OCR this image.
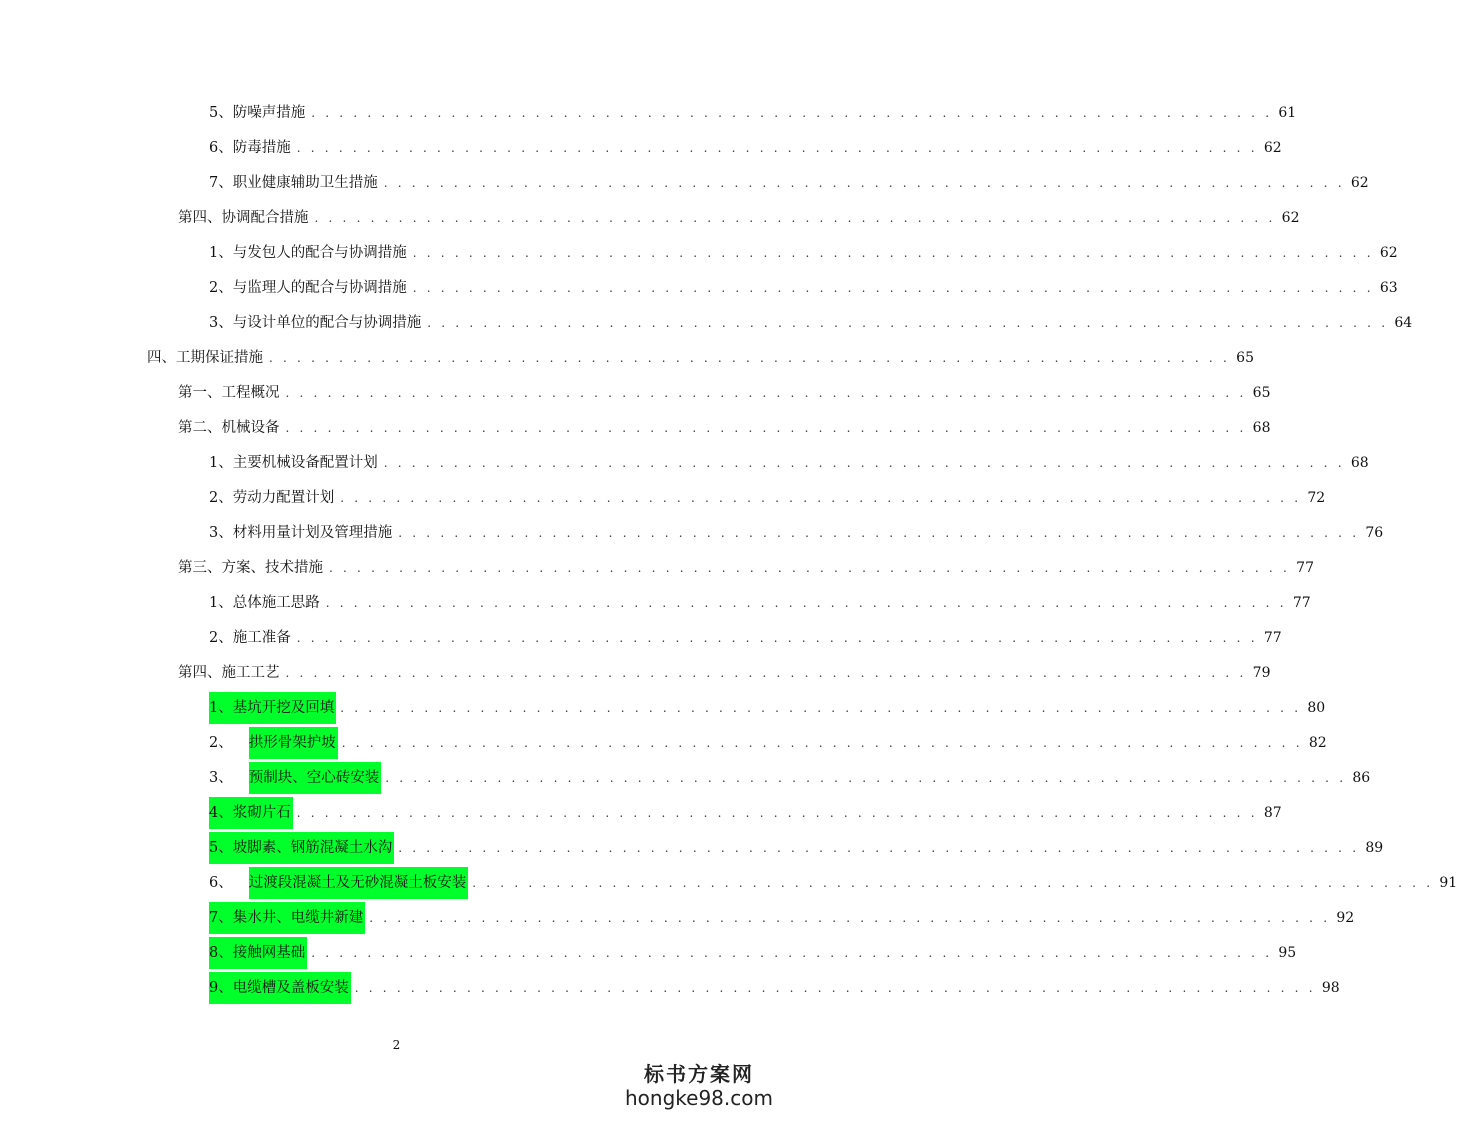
5、防噪声措施 . . . . . . . . . . . . . . . . . . . . . . . . . . . . . . . . . . . . . . . . . . . . . . . . . . . . . . . . . . . . . . . . . . . . . 61
6、防毒措施 . . . . . . . . . . . . . . . . . . . . . . . . . . . . . . . . . . . . . . . . . . . . . . . . . . . . . . . . . . . . . . . . . . . . . 62
7、职业健康辅助卫生措施 . . . . . . . . . . . . . . . . . . . . . . . . . . . . . . . . . . . . . . . . . . . . . . . . . . . . . . . . . . . . . . . . . . . . . 62
第四、协调配合措施 . . . . . . . . . . . . . . . . . . . . . . . . . . . . . . . . . . . . . . . . . . . . . . . . . . . . . . . . . . . . . . . . . . . . . 62
1、与发包人的配合与协调措施 . . . . . . . . . . . . . . . . . . . . . . . . . . . . . . . . . . . . . . . . . . . . . . . . . . . . . . . . . . . . . . . . . . . . . 62
2、与监理人的配合与协调措施 . . . . . . . . . . . . . . . . . . . . . . . . . . . . . . . . . . . . . . . . . . . . . . . . . . . . . . . . . . . . . . . . . . . . . 63
3、与设计单位的配合与协调措施 . . . . . . . . . . . . . . . . . . . . . . . . . . . . . . . . . . . . . . . . . . . . . . . . . . . . . . . . . . . . . . . . . . . . . 64
四、工期保证措施 . . . . . . . . . . . . . . . . . . . . . . . . . . . . . . . . . . . . . . . . . . . . . . . . . . . . . . . . . . . . . . . . . . . . . 65
第一、工程概况 . . . . . . . . . . . . . . . . . . . . . . . . . . . . . . . . . . . . . . . . . . . . . . . . . . . . . . . . . . . . . . . . . . . . . 65
第二、机械设备 . . . . . . . . . . . . . . . . . . . . . . . . . . . . . . . . . . . . . . . . . . . . . . . . . . . . . . . . . . . . . . . . . . . . . 68
1、主要机械设备配置计划 . . . . . . . . . . . . . . . . . . . . . . . . . . . . . . . . . . . . . . . . . . . . . . . . . . . . . . . . . . . . . . . . . . . . . 68
2、劳动力配置计划 . . . . . . . . . . . . . . . . . . . . . . . . . . . . . . . . . . . . . . . . . . . . . . . . . . . . . . . . . . . . . . . . . . . . . 72
3、材料用量计划及管理措施 . . . . . . . . . . . . . . . . . . . . . . . . . . . . . . . . . . . . . . . . . . . . . . . . . . . . . . . . . . . . . . . . . . . . . 76
第三、方案、技术措施 . . . . . . . . . . . . . . . . . . . . . . . . . . . . . . . . . . . . . . . . . . . . . . . . . . . . . . . . . . . . . . . . . . . . . 77
1、总体施工思路 . . . . . . . . . . . . . . . . . . . . . . . . . . . . . . . . . . . . . . . . . . . . . . . . . . . . . . . . . . . . . . . . . . . . . 77
2、施工准备 . . . . . . . . . . . . . . . . . . . . . . . . . . . . . . . . . . . . . . . . . . . . . . . . . . . . . . . . . . . . . . . . . . . . . 77
第四、施工工艺 . . . . . . . . . . . . . . . . . . . . . . . . . . . . . . . . . . . . . . . . . . . . . . . . . . . . . . . . . . . . . . . . . . . . . 79
1、基坑开挖及回填 . . . . . . . . . . . . . . . . . . . . . . . . . . . . . . . . . . . . . . . . . . . . . . . . . . . . . . . . . . . . . . . . . . . . . 80
2、 拱形骨架护坡 . . . . . . . . . . . . . . . . . . . . . . . . . . . . . . . . . . . . . . . . . . . . . . . . . . . . . . . . . . . . . . . . . . . . . 82
3、 预制块、空心砖安装 . . . . . . . . . . . . . . . . . . . . . . . . . . . . . . . . . . . . . . . . . . . . . . . . . . . . . . . . . . . . . . . . . . . . . 86
4、浆砌片石 . . . . . . . . . . . . . . . . . . . . . . . . . . . . . . . . . . . . . . . . . . . . . . . . . . . . . . . . . . . . . . . . . . . . . 87
5、坡脚素、钢筋混凝土水沟 . . . . . . . . . . . . . . . . . . . . . . . . . . . . . . . . . . . . . . . . . . . . . . . . . . . . . . . . . . . . . . . . . . . . . 89
6、 过渡段混凝土及无砂混凝土板安装 . . . . . . . . . . . . . . . . . . . . . . . . . . . . . . . . . . . . . . . . . . . . . . . . . . . . . . . . . . . . . . . . . . . . . 91
7、集水井、电缆井新建 . . . . . . . . . . . . . . . . . . . . . . . . . . . . . . . . . . . . . . . . . . . . . . . . . . . . . . . . . . . . . . . . . . . . . 92
8、接触网基础 . . . . . . . . . . . . . . . . . . . . . . . . . . . . . . . . . . . . . . . . . . . . . . . . . . . . . . . . . . . . . . . . . . . . . 95
9、电缆槽及盖板安装 . . . . . . . . . . . . . . . . . . . . . . . . . . . . . . . . . . . . . . . . . . . . . . . . . . . . . . . . . . . . . . . . . . . . . 98
2
标书方案网
hongke98.com
